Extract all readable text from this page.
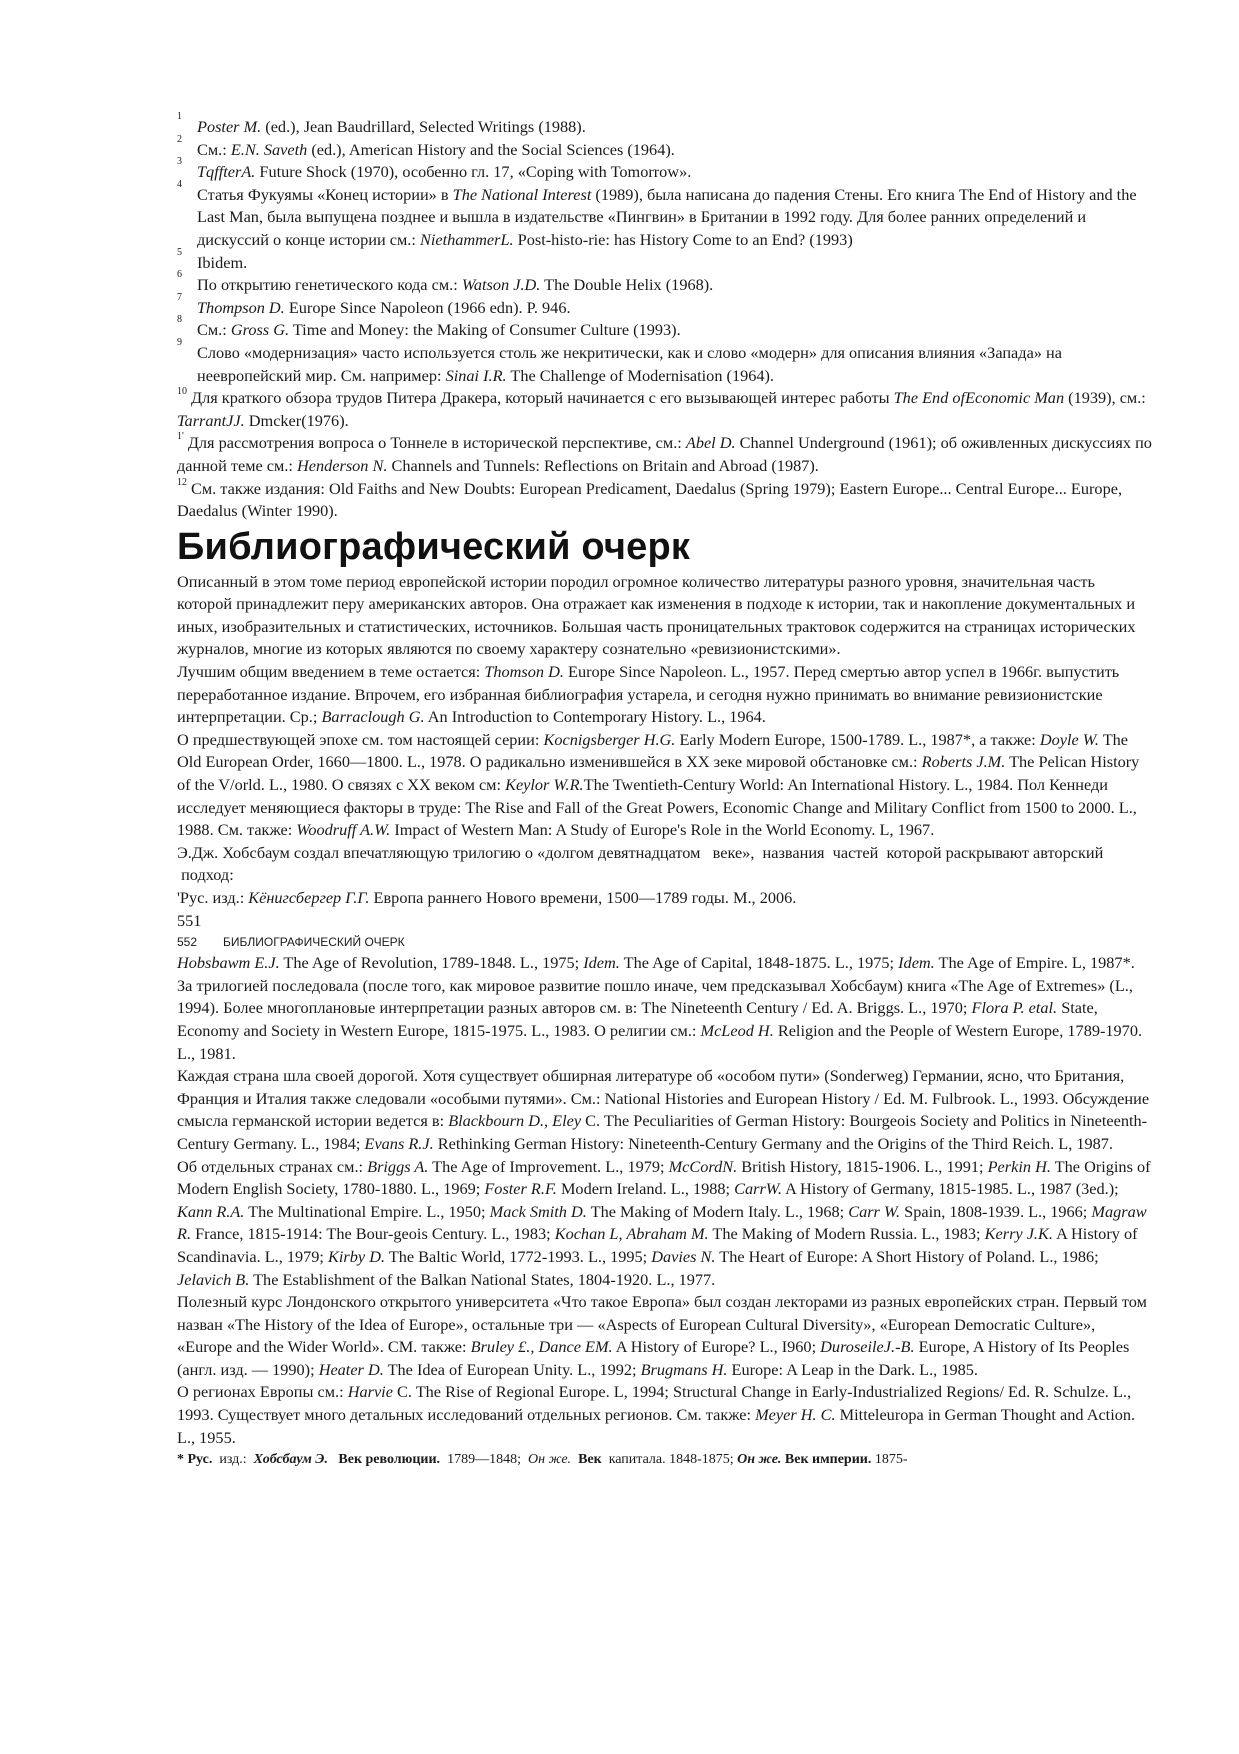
1
Poster M. (ed.), Jean Baudrillard, Selected Writings (1988).

2
См.: E.N. Saveth (ed.), American History and the Social Sciences (1964).

3
TqffterA. Future Shock (1970), особенно гл. 17, «Coping with Tomorrow».

4
Статья Фукуямы «Конец истории» в The National Interest (1989), была написана до падения Стены. Его книга The End of History and the Last Man, была выпущена позднее и вышла в издательстве «Пингвин» в Британии в 1992 году. Для более ранних определений и дискуссий о конце истории см.: NiethammerL. Post-histo-rie: has History Come to an End? (1993)

5
Ibidem.

6
По открытию генетического кода см.: Watson J.D. The Double Helix (1968).

7
Thompson D. Europe Since Napoleon (1966 edn). P. 946.

8
См.: Gross G. Time and Money: the Making of Consumer Culture (1993).

9
Слово «модернизация» часто используется столь же некритически, как и слово «модерн» для описания влияния «Запада» на неевропейский мир. См. например: Sinai I.R. The Challenge of Modernisation (1964).

$^{10}$ Для краткого обзора трудов Питера Дракера, который начинается с его вызывающей интерес работы The End ofEconomic Man (1939), см.: TarrantJJ. Dmcker(1976).

$^{1'}$ Для рассмотрения вопроса о Тоннеле в исторической перспективе, см.: Abel D. Channel Underground (1961); об оживленных дискуссиях по данной теме см.: Henderson N. Channels and Tunnels: Reflections on Britain and Abroad (1987).

$^{12}$ См. также издания: Old Faiths and New Doubts: European Predicament, Daedalus (Spring 1979); Eastern Europe... Central Europe... Europe, Daedalus (Winter 1990).

Библиографический очерк

Описанный в этом томе период европейской истории породил огромное количество литературы разного уровня, значительная часть которой принадлежит перу американских авторов. Она отражает как изменения в подходе к истории, так и накопление документальных и иных, изобразительных и статистических, источников. Большая часть проницательных трактовок содержится на страницах исторических журналов, многие из которых являются по своему характеру сознательно «ревизионистскими».

Лучшим общим введением в теме остается: Thomson D. Europe Since Napoleon. L., 1957. Перед смертью автор успел в 1966г. выпустить переработанное издание. Впрочем, его избранная библиография устарела, и сегодня нужно принимать во внимание ревизионистские интерпретации. Ср.; Barraclough G. An Introduction to Contemporary History. L., 1964.

О предшествующей эпохе см. том настоящей серии: Kocnigsberger H.G. Early Modern Europe, 1500-1789. L., 1987*, а также: Doyle W. The Old European Order, 1660—1800. L., 1978. О радикально изменившейся в XX зеке мировой обстановке см.: Roberts J.M. The Pelican History of the V/orld. L., 1980. О связях с XX веком см: Keylor W.R.The Twentieth-Century World: An International History. L., 1984. Пол Кеннеди исследует меняющиеся факторы в труде: The Rise and Fall of the Great Powers, Economic Change and Military Conflict from 1500 to 2000. L., 1988. См. также: Woodruff A.W. Impact of Western Man: A Study of Europe's Role in the World Economy. L, 1967.

Э.Дж. Хобсбаум создал впечатляющую трилогию о «долгом девятнадцатом   веке»,  названия  частей  которой раскрывают авторский  подход:

'Рус. изд.: Кёнигсбергер Г.Г. Европа раннего Нового времени, 1500—1789 годы. М., 2006.

551

552 БИБЛИОГРАФИЧЕСКИЙ ОЧЕРК

Hobsbawm E.J. The Age of Revolution, 1789-1848. L., 1975; Idem. The Age of Capital, 1848-1875. L., 1975; Idem. The Age of Empire. L, 1987*. За трилогией последовала (после того, как мировое развитие пошло иначе, чем предсказывал Хобсбаум) книга «The Age of Extremes» (L., 1994). Более многоплановые интерпретации разных авторов см. в: The Nineteenth Century / Ed. A. Briggs. L., 1970; Flora P. etal. State, Economy and Society in Western Europe, 1815-1975. L., 1983. О религии см.: McLeod H. Religion and the People of Western Europe, 1789-1970. L., 1981.

Каждая страна шла своей дорогой. Хотя существует обширная литературе об «особом пути» (Sonderweg) Германии, ясно, что Британия, Франция и Италия также следовали «особыми путями». См.: National Histories and European History / Ed. M. Fulbrook. L., 1993. Обсуждение смысла германской истории ведется в: Blackbourn D., Eley C. The Peculiarities of German History: Bourgeois Society and Politics in Nineteenth-Century Germany. L., 1984; Evans R.J. Rethinking German History: Nineteenth-Century Germany and the Origins of the Third Reich. L, 1987.

Об отдельных странах см.: Briggs A. The Age of Improvement. L., 1979; McCordN. British History, 1815-1906. L., 1991; Perkin H. The Origins of Modern English Society, 1780-1880. L., 1969; Foster R.F. Modern Ireland. L., 1988; CarrW. A History of Germany, 1815-1985. L., 1987 (3ed.); Kann R.A. The Multinational Empire. L., 1950; Mack Smith D. The Making of Modern Italy. L., 1968; Carr W. Spain, 1808-1939. L., 1966; Magraw R. France, 1815-1914: The Bour-geois Century. L., 1983; Kochan L, Abraham M. The Making of Modern Russia. L., 1983; Kerry J.K. A History of Scandinavia. L., 1979; Kirby D. The Baltic World, 1772-1993. L., 1995; Davies N. The Heart of Europe: A Short History of Poland. L., 1986; Jelavich B. The Establishment of the Balkan National States, 1804-1920. L., 1977.

Полезный курс Лондонского открытого университета «Что такое Европа» был создан лекторами из разных европейских стран. Первый том назван «The History of the Idea of Europe», остальные три — «Aspects of European Cultural Diversity», «European Democratic Culture», «Europe and the Wider World». CM. также: Bruley £., Dance EM. A History of Europe? L., I960; DuroseileJ.-B. Europe, A History of Its Peoples (англ. изд. — 1990); Heater D. The Idea of European Unity. L., 1992; Brugmans H. Europe: A Leap in the Dark. L., 1985.

О регионах Европы см.: Harvie C. The Rise of Regional Europe. L, 1994; Structural Change in Early-Industrialized Regions/ Ed. R. Schulze. L., 1993. Существует много детальных исследований отдельных регионов. См. также: Meyer H. C. Mitteleuropa in German Thought and Action. L., 1955.

* Рус.  изд.:  Хобсбаум Э. Век революции.  1789—1848;  Он же. Век  капитала. 1848-1875; Он же. Век империи. 1875-
